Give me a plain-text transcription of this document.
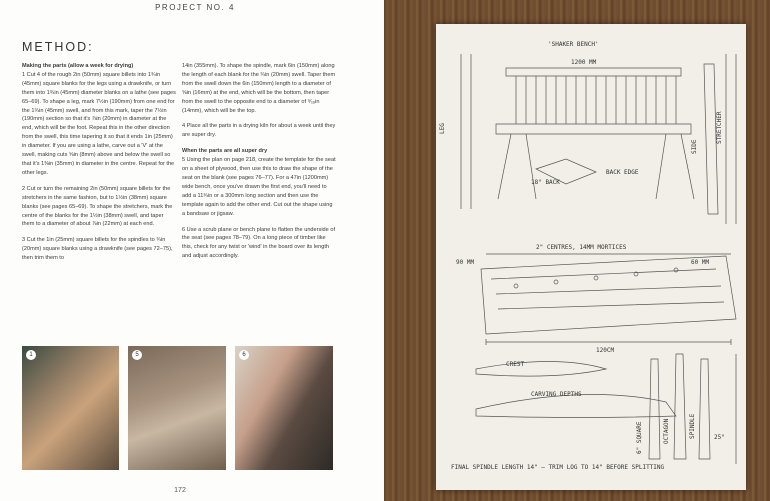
PROJECT NO. 4
METHOD:

Making the parts (allow a week for drying)

1 Cut 4 of the rough 2in (50mm) square billets into 1¾in (45mm) square blanks for the legs using a drawknife, or turn them into 1¾in (45mm) diameter blanks on a lathe (see pages 65–69). To shape a leg, mark 7½in (190mm) from one end for the 1¾in (45mm) swell, and from this mark, taper the 7½in (190mm) section so that it's ⅞in (20mm) in diameter at the end, which will be the foot. Repeat this in the other direction from the swell, this time tapering it so that it ends 1in (25mm) in diameter. If you are using a lathe, carve out a 'V' at the swell, making cuts ⅝in (8mm) above and below the swell so that it's 1⅜in (35mm) in diameter in the centre. Repeat for the other legs.

2 Cut or turn the remaining 2in (50mm) square billets for the stretchers in the same fashion, but to 1½in (38mm) square blanks (see pages 65–69). To shape the stretchers, mark the centre of the blanks for the 1½in (38mm) swell, and taper them to a diameter of about ⅞in (22mm) at each end.

3 Cut the 1in (25mm) square billets for the spindles to ¾in (20mm) square blanks using a drawknife (see pages 72–75), then trim them to

14in (355mm). To shape the spindle, mark 6in (150mm) along the length of each blank for the ¾in (20mm) swell. Taper them from the swell down the 6in (150mm) length to a diameter of ⅝in (16mm) at the end, which will be the bottom, then taper from the swell to the opposite end to a diameter of ⁹⁄₁₆in (14mm), which will be the top.

4 Place all the parts in a drying kiln for about a week until they are super dry.

When the parts are all super dry

5 Using the plan on page 218, create the template for the seat on a sheet of plywood, then use this to draw the shape of the seat on the blank (see pages 76–77). For a 47in (1200mm) wide bench, once you've drawn the first end, you'll need to add a 11¾in or a 300mm long section and then use the template again to add the other end. Cut out the shape using a bandsaw or jigsaw.

6 Use a scrub plane or bench plane to flatten the underside of the seat (see pages 78–79). On a long piece of timber like this, check for any twist or 'wind' in the board over its length and adjust accordingly.

1	5	6
172
'SHAKER BENCH'
1200 MM
LEG	STRETCHER
SIDE
18° BACK
BACK EDGE
2" CENTRES, 14MM MORTICES
120CM
90 MM	60 MM
CREST
CARVING DEPTHS
FINAL SPINDLE LENGTH 14" — TRIM LOG TO 14" BEFORE SPLITTING
6" SQUARE	OCTAGON	SPINDLE	25°
